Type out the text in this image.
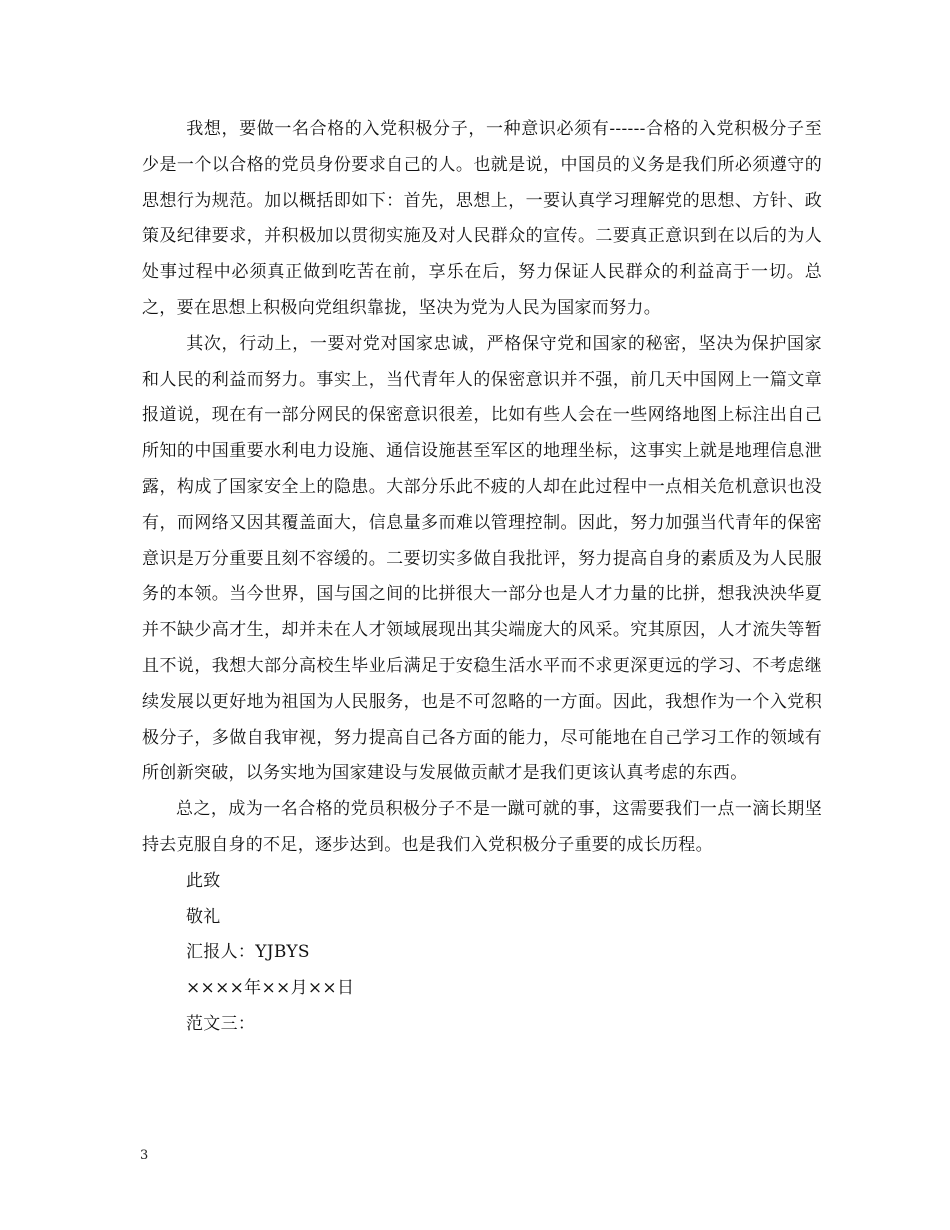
我想，要做一名合格的入党积极分子，一种意识必须有------合格的入党积极分子至少是一个以合格的党员身份要求自己的人。也就是说，中国员的义务是我们所必须遵守的思想行为规范。加以概括即如下：首先，思想上，一要认真学习理解党的思想、方针、政策及纪律要求，并积极加以贯彻实施及对人民群众的宣传。二要真正意识到在以后的为人处事过程中必须真正做到吃苦在前，享乐在后，努力保证人民群众的利益高于一切。总之，要在思想上积极向党组织靠拢，坚决为党为人民为国家而努力。

其次，行动上，一要对党对国家忠诚，严格保守党和国家的秘密，坚决为保护国家和人民的利益而努力。事实上，当代青年人的保密意识并不强，前几天中国网上一篇文章报道说，现在有一部分网民的保密意识很差，比如有些人会在一些网络地图上标注出自己所知的中国重要水利电力设施、通信设施甚至军区的地理坐标，这事实上就是地理信息泄露，构成了国家安全上的隐患。大部分乐此不疲的人却在此过程中一点相关危机意识也没有，而网络又因其覆盖面大，信息量多而难以管理控制。因此，努力加强当代青年的保密意识是万分重要且刻不容缓的。二要切实多做自我批评，努力提高自身的素质及为人民服务的本领。当今世界，国与国之间的比拼很大一部分也是人才力量的比拼，想我泱泱华夏并不缺少高才生，却并未在人才领域展现出其尖端庞大的风采。究其原因，人才流失等暂且不说，我想大部分高校生毕业后满足于安稳生活水平而不求更深更远的学习、不考虑继续发展以更好地为祖国为人民服务，也是不可忽略的一方面。因此，我想作为一个入党积极分子，多做自我审视，努力提高自己各方面的能力，尽可能地在自己学习工作的领域有所创新突破，以务实地为国家建设与发展做贡献才是我们更该认真考虑的东西。

总之，成为一名合格的党员积极分子不是一蹴可就的事，这需要我们一点一滴长期坚持去克服自身的不足，逐步达到。也是我们入党积极分子重要的成长历程。

此致

敬礼

汇报人：YJBYS

××××年××月××日

范文三：

3
